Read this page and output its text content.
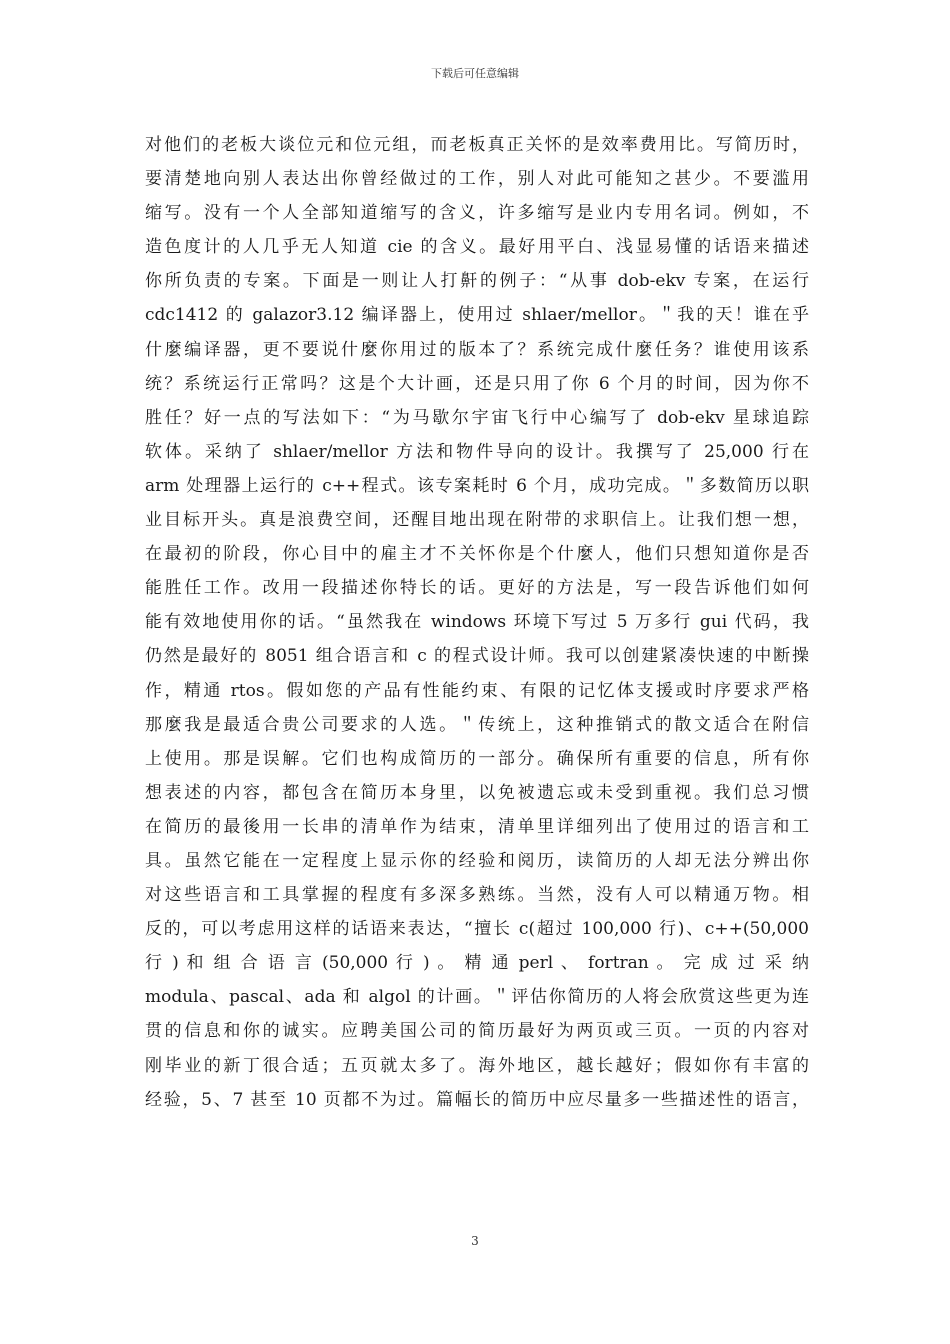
下载后可任意编辑
对他们的老板大谈位元和位元组，而老板真正关怀的是效率费用比。写简历时，
要清楚地向别人表达出你曾经做过的工作，别人对此可能知之甚少。不要滥用
缩写。没有一个人全部知道缩写的含义，许多缩写是业内专用名词。例如，不
造色度计的人几乎无人知道 cie 的含义。最好用平白、浅显易懂的话语来描述
你所负责的专案。下面是一则让人打鼾的例子：“从事 dob-ekv 专案，在运行
cdc1412 的 galazor3.12 编译器上，使用过 shlaer/mellor。＂我的天！谁在乎
什麼编译器，更不要说什麼你用过的版本了？系统完成什麼任务？谁使用该系
统？系统运行正常吗？这是个大计画，还是只用了你 6 个月的时间，因为你不
胜任？好一点的写法如下：“为马歇尔宇宙飞行中心编写了 dob-ekv 星球追踪
软体。采纳了 shlaer/mellor 方法和物件导向的设计。我撰写了 25,000 行在
arm 处理器上运行的 c++程式。该专案耗时 6 个月，成功完成。＂多数简历以职
业目标开头。真是浪费空间，还醒目地出现在附带的求职信上。让我们想一想，
在最初的阶段，你心目中的雇主才不关怀你是个什麼人，他们只想知道你是否
能胜任工作。改用一段描述你特长的话。更好的方法是，写一段告诉他们如何
能有效地使用你的话。“虽然我在 windows 环境下写过 5 万多行 gui 代码，我
仍然是最好的 8051 组合语言和 c 的程式设计师。我可以创建紧凑快速的中断操
作，精通 rtos。假如您的产品有性能约束、有限的记忆体支援或时序要求严格
那麼我是最适合贵公司要求的人选。＂传统上，这种推销式的散文适合在附信
上使用。那是误解。它们也构成简历的一部分。确保所有重要的信息，所有你
想表述的内容，都包含在简历本身里，以免被遗忘或未受到重视。我们总习惯
在简历的最後用一长串的清单作为结束，清单里详细列出了使用过的语言和工
具。虽然它能在一定程度上显示你的经验和阅历，读简历的人却无法分辨出你
对这些语言和工具掌握的程度有多深多熟练。当然，没有人可以精通万物。相
反的，可以考虑用这样的话语来表达，“擅长 c(超过 100,000 行)、c++(50,000
行 ) 和 组 合 语 言 (50,000 行 ) 。 精 通 perl 、 fortran 。 完 成 过 采 纳
modula、pascal、ada 和 algol 的计画。＂评估你简历的人将会欣赏这些更为连
贯的信息和你的诚实。应聘美国公司的简历最好为两页或三页。一页的内容对
刚毕业的新丁很合适；五页就太多了。海外地区，越长越好；假如你有丰富的
经验，5、7 甚至 10 页都不为过。篇幅长的简历中应尽量多一些描述性的语言，
3
